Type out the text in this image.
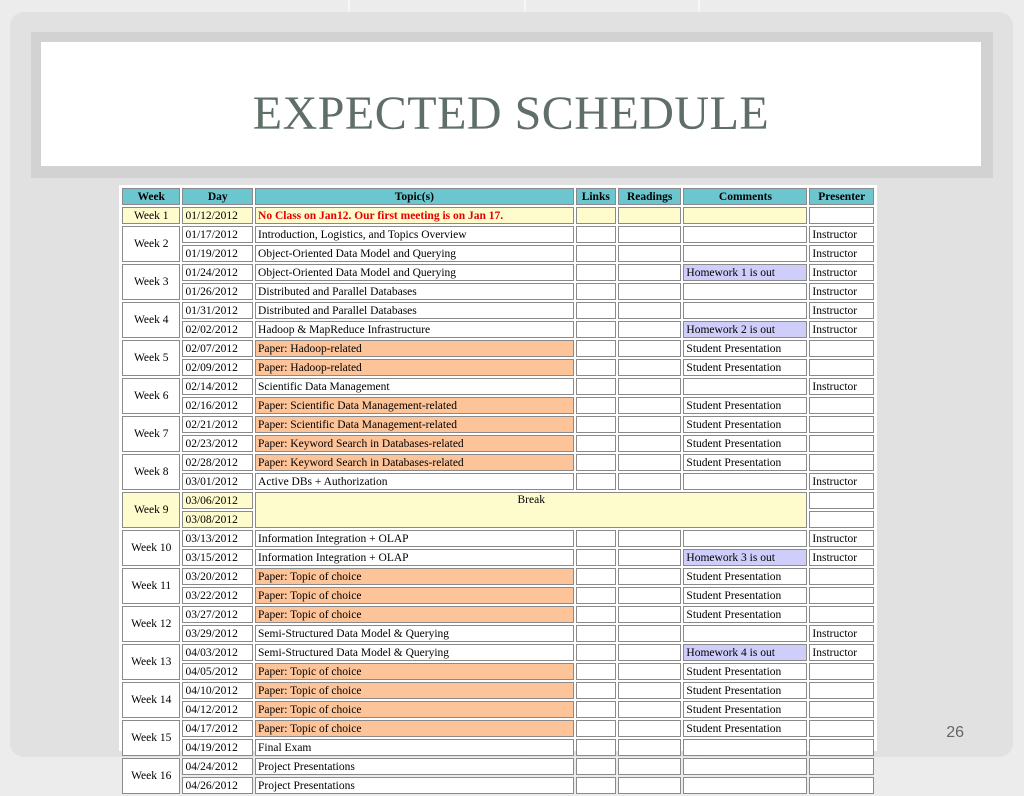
EXPECTED SCHEDULE
Week	Day	Topic(s)	Links	Readings	Comments	Presenter
Week 1	01/12/2012	No Class on Jan12. Our first meeting is on Jan 17.				
Week 2	01/17/2012	Introduction, Logistics, and Topics Overview				Instructor
	01/19/2012	Object-Oriented Data Model and Querying				Instructor
Week 3	01/24/2012	Object-Oriented Data Model and Querying			Homework 1 is out	Instructor
	01/26/2012	Distributed and Parallel Databases				Instructor
Week 4	01/31/2012	Distributed and Parallel Databases				Instructor
	02/02/2012	Hadoop & MapReduce Infrastructure			Homework 2 is out	Instructor
Week 5	02/07/2012	Paper: Hadoop-related			Student Presentation	
	02/09/2012	Paper: Hadoop-related			Student Presentation	
Week 6	02/14/2012	Scientific Data Management				Instructor
	02/16/2012	Paper: Scientific Data Management-related			Student Presentation	
Week 7	02/21/2012	Paper: Scientific Data Management-related			Student Presentation	
	02/23/2012	Paper: Keyword Search in Databases-related			Student Presentation	
Week 8	02/28/2012	Paper: Keyword Search in Databases-related			Student Presentation	
	03/01/2012	Active DBs + Authorization				Instructor
Week 9	03/06/2012	Break				
	03/08/2012					
Week 10	03/13/2012	Information Integration + OLAP				Instructor
	03/15/2012	Information Integration + OLAP			Homework 3 is out	Instructor
Week 11	03/20/2012	Paper: Topic of choice			Student Presentation	
	03/22/2012	Paper: Topic of choice			Student Presentation	
Week 12	03/27/2012	Paper: Topic of choice			Student Presentation	
	03/29/2012	Semi-Structured Data Model & Querying				Instructor
Week 13	04/03/2012	Semi-Structured Data Model & Querying			Homework 4 is out	Instructor
	04/05/2012	Paper: Topic of choice			Student Presentation	
Week 14	04/10/2012	Paper: Topic of choice			Student Presentation	
	04/12/2012	Paper: Topic of choice			Student Presentation	
Week 15	04/17/2012	Paper: Topic of choice			Student Presentation	
	04/19/2012	Final Exam				
Week 16	04/24/2012	Project Presentations				
	04/26/2012	Project Presentations				
26
